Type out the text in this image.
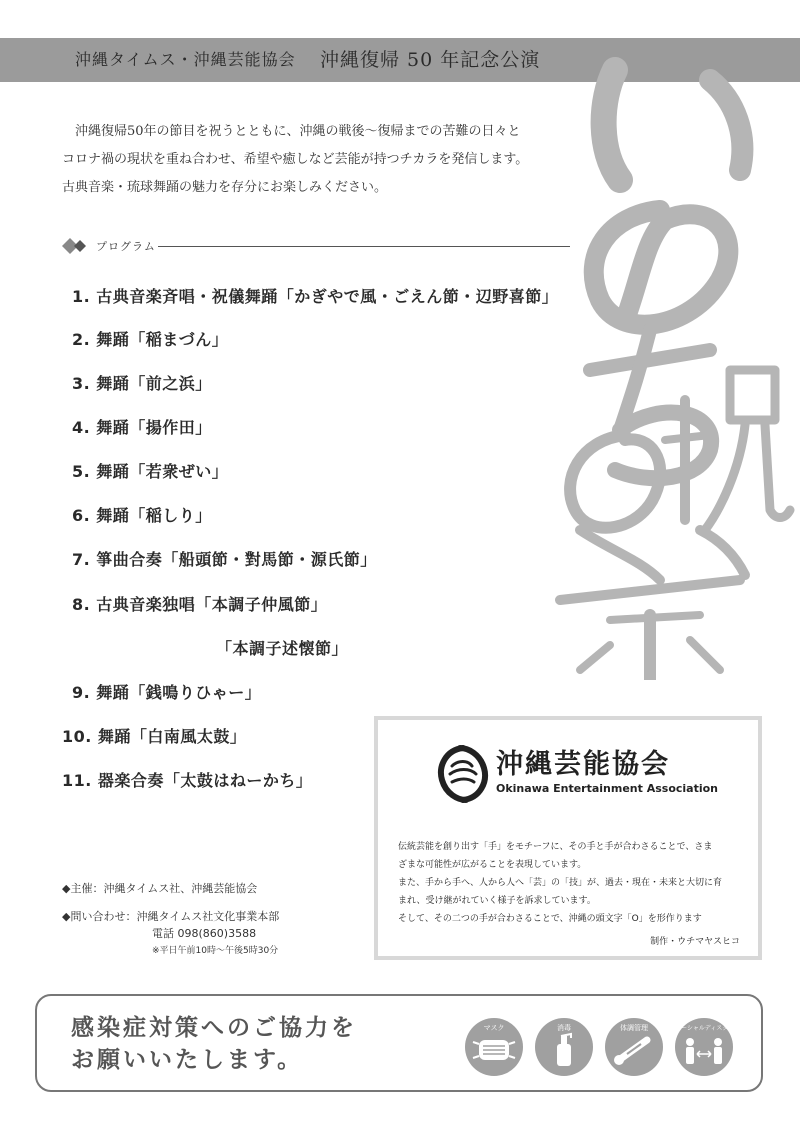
沖縄タイムス・沖縄芸能協会 沖縄復帰 50 年記念公演
沖縄復帰50年の節目を祝うとともに、沖縄の戦後〜復帰までの苦難の日々と
コロナ禍の現状を重ね合わせ、希望や癒しなど芸能が持つチカラを発信します。
古典音楽・琉球舞踊の魅力を存分にお楽しみください。
プログラム
1. 古典音楽斉唱・祝儀舞踊「かぎやで風・ごえん節・辺野喜節」
2. 舞踊「稲まづん」
3. 舞踊「前之浜」
4. 舞踊「揚作田」
5. 舞踊「若衆ぜい」
6. 舞踊「稲しり」
7. 箏曲合奏「船頭節・對馬節・源氏節」
8. 古典音楽独唱「本調子仲風節」
「本調子述懐節」
9. 舞踊「銭鳴りひゃー」
10. 舞踊「白南風太鼓」
11. 器楽合奏「太鼓はねーかち」
沖縄芸能協会
Okinawa Entertainment Association
伝統芸能を創り出す「手」をモチーフに、その手と手が合わさることで、さま
ざまな可能性が広がることを表現しています。
また、手から手へ、人から人へ「芸」の「技」が、過去・現在・未来と大切に育
まれ、受け継がれていく様子を訴求しています。
そして、その二つの手が合わさることで、沖縄の頭文字「O」を形作ります
制作・ウチマヤスヒコ
◆主催：沖縄タイムス社、沖縄芸能協会
◆問い合わせ：沖縄タイムス社文化事業本部
電話 098(860)3588
※平日午前10時〜午後5時30分
感染症対策へのご協力を
お願いいたします。
マスク	消毒	体調管理	ソーシャルディスタンス
